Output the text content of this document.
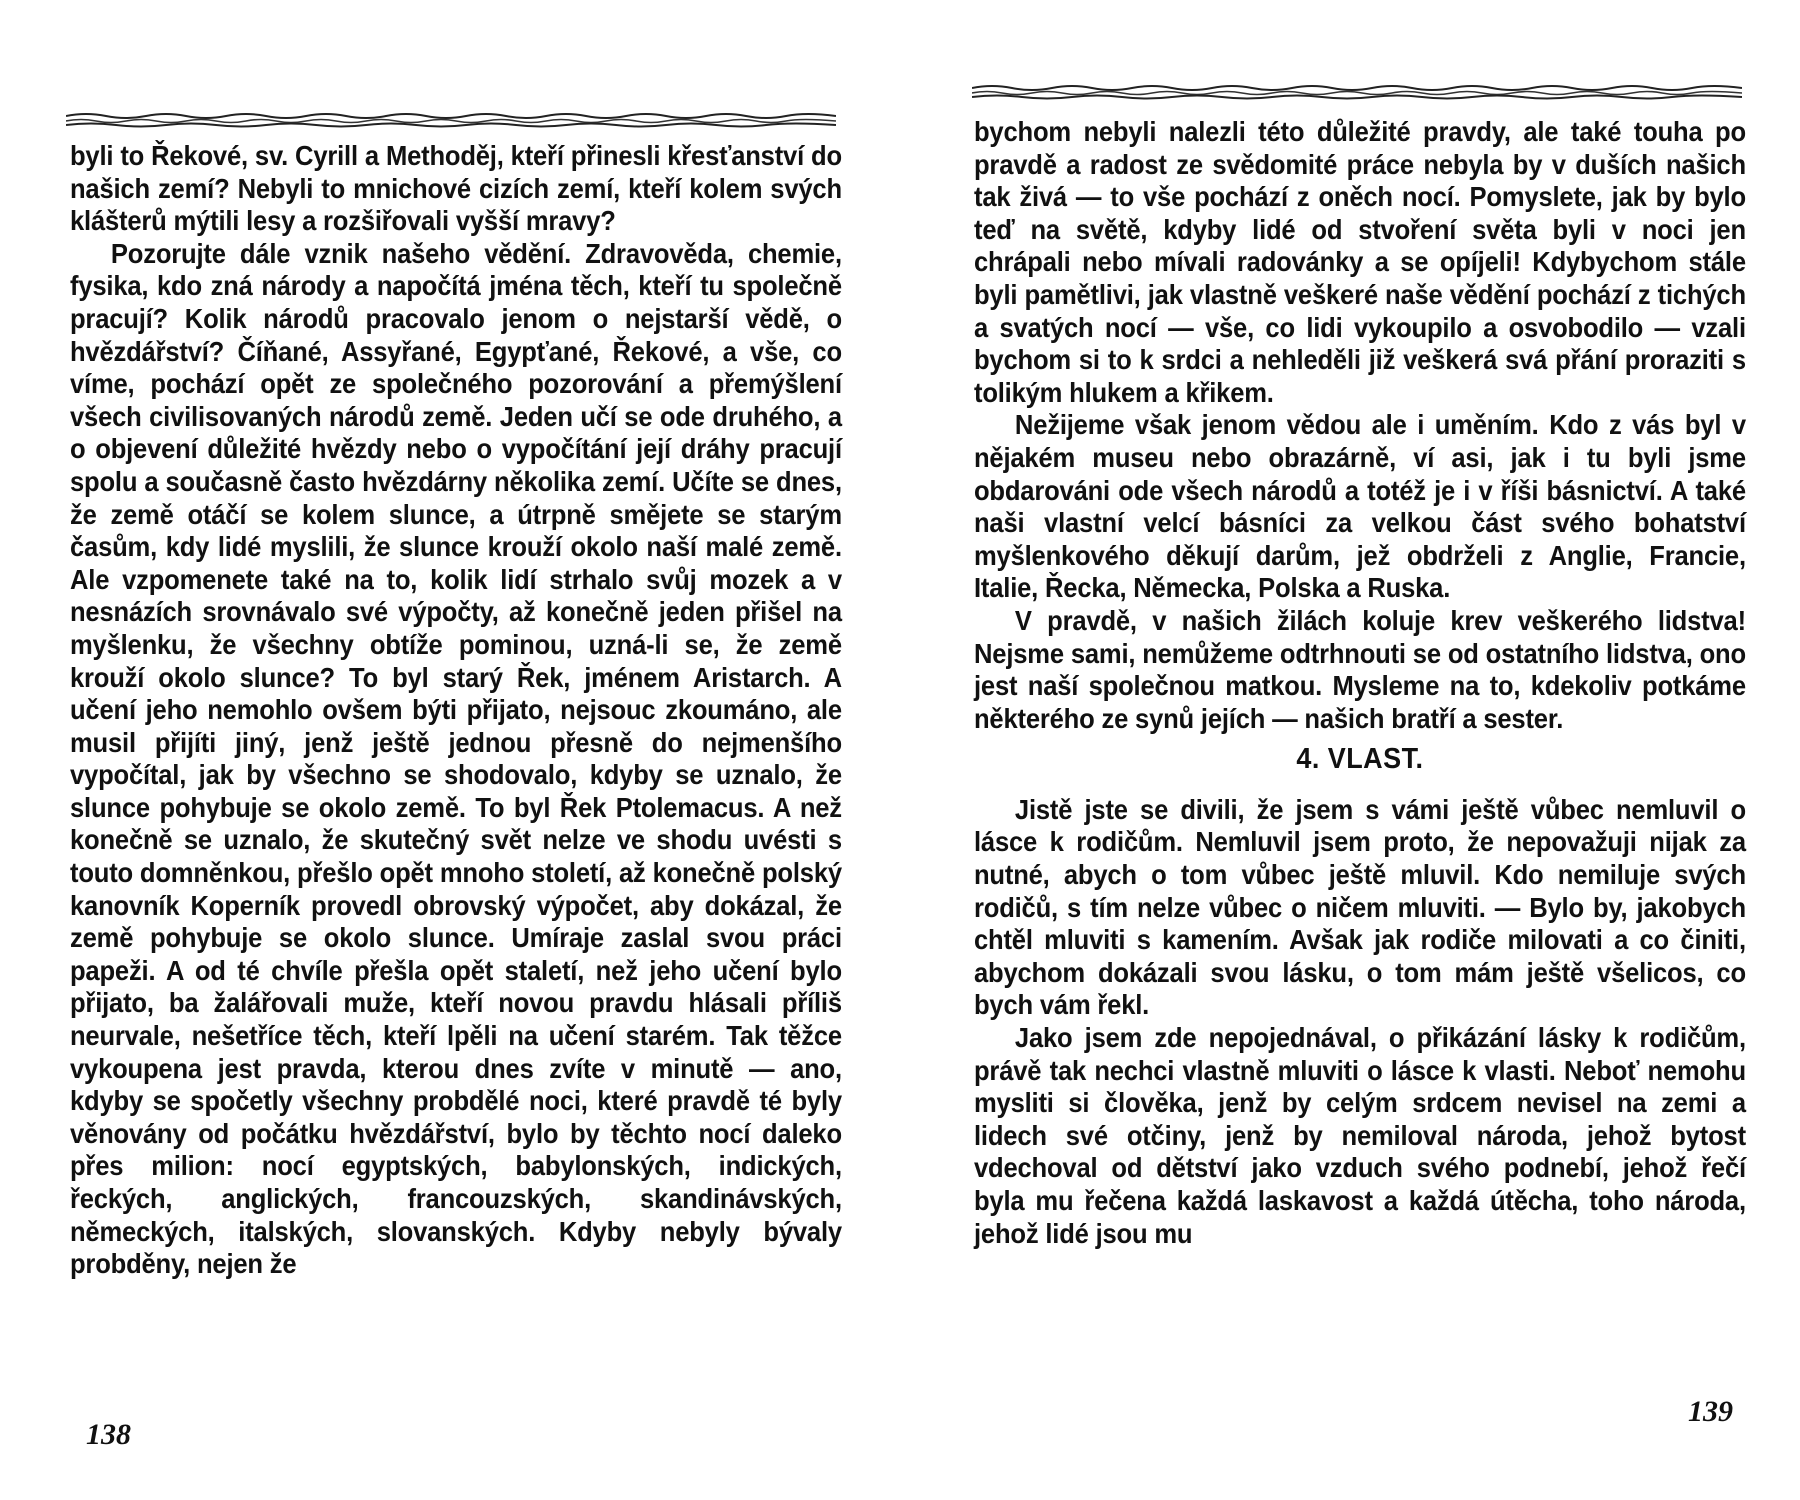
byli to Řekové, sv. Cyrill a Methoděj, kteří přinesli křesťanství do našich zemí? Nebyli to mnichové cizích zemí, kteří kolem svých klášterů mýtili lesy a rozšiřovali vyšší mravy?

Pozorujte dále vznik našeho vědění. Zdravověda, chemie, fysika, kdo zná národy a napočítá jména těch, kteří tu společně pracují? Kolik národů pracovalo jenom o nejstarší vědě, o hvězdářství? Číňané, Assyřané, Egypťané, Řekové, a vše, co víme, pochází opět ze společného pozorování a přemýšlení všech civilisovaných národů země. Jeden učí se ode druhého, a o objevení důležité hvězdy nebo o vypočítání její dráhy pracují spolu a současně často hvězdárny několika zemí. Učíte se dnes, že země otáčí se kolem slunce, a útrpně smějete se starým časům, kdy lidé myslili, že slunce krouží okolo naší malé země. Ale vzpomenete také na to, kolik lidí strhalo svůj mozek a v nesnázích srovnávalo své výpočty, až konečně jeden přišel na myšlenku, že všechny obtíže pominou, uzná-li se, že země krouží okolo slunce? To byl starý Řek, jménem Aristarch. A učení jeho nemohlo ovšem býti přijato, nejsouc zkoumáno, ale musil přijíti jiný, jenž ještě jednou přesně do nejmenšího vypočítal, jak by všechno se shodovalo, kdyby se uznalo, že slunce pohybuje se okolo země. To byl Řek Ptolemacus. A než konečně se uznalo, že skutečný svět nelze ve shodu uvésti s touto domněnkou, přešlo opět mnoho století, až konečně polský kanovník Koperník provedl obrovský výpočet, aby dokázal, že země pohybuje se okolo slunce. Umíraje zaslal svou práci papeži. A od té chvíle přešla opět staletí, než jeho učení bylo přijato, ba žalářovali muže, kteří novou pravdu hlásali příliš neurvale, nešetříce těch, kteří lpěli na učení starém. Tak těžce vykoupena jest pravda, kterou dnes zvíte v minutě — ano, kdyby se spočetly všechny probdělé noci, které pravdě té byly věnovány od počátku hvězdářství, bylo by těchto nocí daleko přes milion: nocí egyptských, babylonských, indických, řeckých, anglických, francouzských, skandinávských, německých, italských, slovanských. Kdyby nebyly bývaly probděny, nejen že

138

bychom nebyli nalezli této důležité pravdy, ale také touha po pravdě a radost ze svědomité práce nebyla by v duších našich tak živá — to vše pochází z oněch nocí. Pomyslete, jak by bylo teď na světě, kdyby lidé od stvoření světa byli v noci jen chrápali nebo mívali radovánky a se opíjeli! Kdybychom stále byli pamětlivi, jak vlastně veškeré naše vědění pochází z tichých a svatých nocí — vše, co lidi vykoupilo a osvobodilo — vzali bychom si to k srdci a nehleděli již veškerá svá přání proraziti s tolikým hlukem a křikem.

Nežijeme však jenom vědou ale i uměním. Kdo z vás byl v nějakém museu nebo obrazárně, ví asi, jak i tu byli jsme obdarováni ode všech národů a totéž je i v říši básnictví. A také naši vlastní velcí básníci za velkou část svého bohatství myšlenkového děkují darům, jež obdrželi z Anglie, Francie, Italie, Řecka, Německa, Polska a Ruska.

V pravdě, v našich žilách koluje krev veškerého lidstva! Nejsme sami, nemůžeme odtrhnouti se od ostatního lidstva, ono jest naší společnou matkou. Mysleme na to, kdekoliv potkáme některého ze synů jejích — našich bratří a sester.

4. VLAST.

Jistě jste se divili, že jsem s vámi ještě vůbec nemluvil o lásce k rodičům. Nemluvil jsem proto, že nepovažuji nijak za nutné, abych o tom vůbec ještě mluvil. Kdo nemiluje svých rodičů, s tím nelze vůbec o ničem mluviti. — Bylo by, jakobych chtěl mluviti s kamením. Avšak jak rodiče milovati a co činiti, abychom dokázali svou lásku, o tom mám ještě všelicos, co bych vám řekl.

Jako jsem zde nepojednával, o přikázání lásky k rodičům, právě tak nechci vlastně mluviti o lásce k vlasti. Neboť nemohu mysliti si člověka, jenž by celým srdcem nevisel na zemi a lidech své otčiny, jenž by nemiloval národa, jehož bytost vdechoval od dětství jako vzduch svého podnebí, jehož řečí byla mu řečena každá laskavost a každá útěcha, toho národa, jehož lidé jsou mu

139
